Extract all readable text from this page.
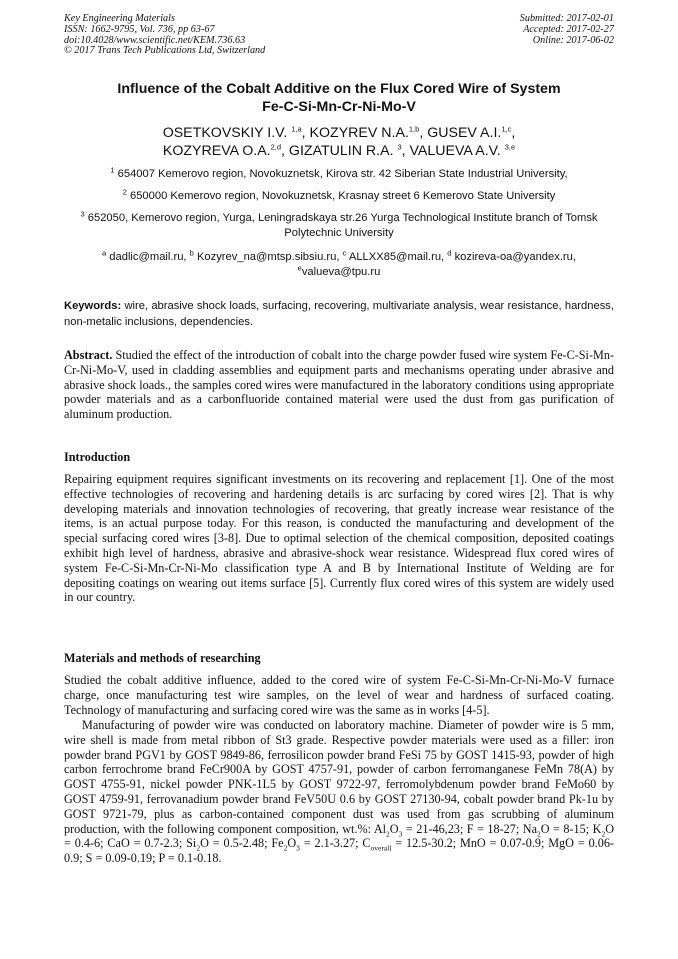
Key Engineering Materials
ISSN: 1662-9795, Vol. 736, pp 63-67
doi:10.4028/www.scientific.net/KEM.736.63
© 2017 Trans Tech Publications Ltd, Switzerland
Submitted: 2017-02-01
Accepted: 2017-02-27
Online: 2017-06-02
Influence of the Cobalt Additive on the Flux Cored Wire of System
Fe-C-Si-Mn-Cr-Ni-Mo-V

OSETKOVSKIY I.V. $^{1,a}$, KOZYREV N.A.$^{1,b}$, GUSEV A.I.$^{1,c}$,
KOZYREVA O.A.$^{2,d}$, GIZATULIN R.A. $^3$, VALUEVA A.V. $^{3,e}$

$^1$ 654007 Kemerovo region, Novokuznetsk, Kirova str. 42 Siberian State Industrial University,

$^2$ 650000 Kemerovo region, Novokuznetsk, Krasnay street 6 Kemerovo State University

$^3$ 652050, Kemerovo region, Yurga, Leningradskaya str.26 Yurga Technological Institute branch of Tomsk Polytechnic University

$^a$ dadlic@mail.ru, $^b$ Kozyrev_na@mtsp.sibsiu.ru, $^c$ ALLXX85@mail.ru, $^d$ kozireva-oa@yandex.ru,
$^e$valueva@tpu.ru

Keywords: wire, abrasive shock loads, surfacing, recovering, multivariate analysis, wear resistance, hardness, non-metalic inclusions, dependencies.

Abstract. Studied the effect of the introduction of cobalt into the charge powder fused wire system Fe-C-Si-Mn-Cr-Ni-Mo-V, used in cladding assemblies and equipment parts and mechanisms operating under abrasive and abrasive shock loads., the samples cored wires were manufactured in the laboratory conditions using appropriate powder materials and as a carbonfluoride contained material were used the dust from gas purification of aluminum production.

Introduction

Repairing equipment requires significant investments on its recovering and replacement [1]. One of the most effective technologies of recovering and hardening details is arc surfacing by cored wires [2]. That is why developing materials and innovation technologies of recovering, that greatly increase wear resistance of the items, is an actual purpose today. For this reason, is conducted the manufacturing and development of the special surfacing cored wires [3-8]. Due to optimal selection of the chemical composition, deposited coatings exhibit high level of hardness, abrasive and abrasive-shock wear resistance. Widespread flux cored wires of system Fe-C-Si-Mn-Cr-Ni-Mo classification type A and B by International Institute of Welding are for depositing coatings on wearing out items surface [5]. Currently flux cored wires of this system are widely used in our country.

Materials and methods of researching

Studied the cobalt additive influence, added to the cored wire of system Fe-C-Si-Mn-Cr-Ni-Mo-V furnace charge, once manufacturing test wire samples, on the level of wear and hardness of surfaced coating. Technology of manufacturing and surfacing cored wire was the same as in works [4-5].

Manufacturing of powder wire was conducted on laboratory machine. Diameter of powder wire is 5 mm, wire shell is made from metal ribbon of St3 grade. Respective powder materials were used as a filler: iron powder brand PGV1 by GOST 9849-86, ferrosilicon powder brand FeSi 75 by GOST 1415-93, powder of high carbon ferrochrome brand FeCr900A by GOST 4757-91, powder of carbon ferromanganese FeMn 78(A) by GOST 4755-91, nickel powder PNK-1L5 by GOST 9722-97, ferromolybdenum powder brand FeMo60 by GOST 4759-91, ferrovanadium powder brand FeV50U 0.6 by GOST 27130-94, cobalt powder brand Pk-1u by GOST 9721-79, plus as carbon-contained component dust was used from gas scrubbing of aluminum production, with the following component composition, wt.%: $Al_2O_3 = 21-46,23$; F = 18-27; $Na_2O = 8-15$; $K_2O = 0.4-6$; CaO = 0.7-2.3; $Si_2O = 0.5-2.48$; $Fe_2O_3 = 2.1-3.27$; $C_{overall} = 12.5-30.2$; MnO = 0.07-0.9; MgO = 0.06-0.9; S = 0.09-0.19; P = 0.1-0.18.
